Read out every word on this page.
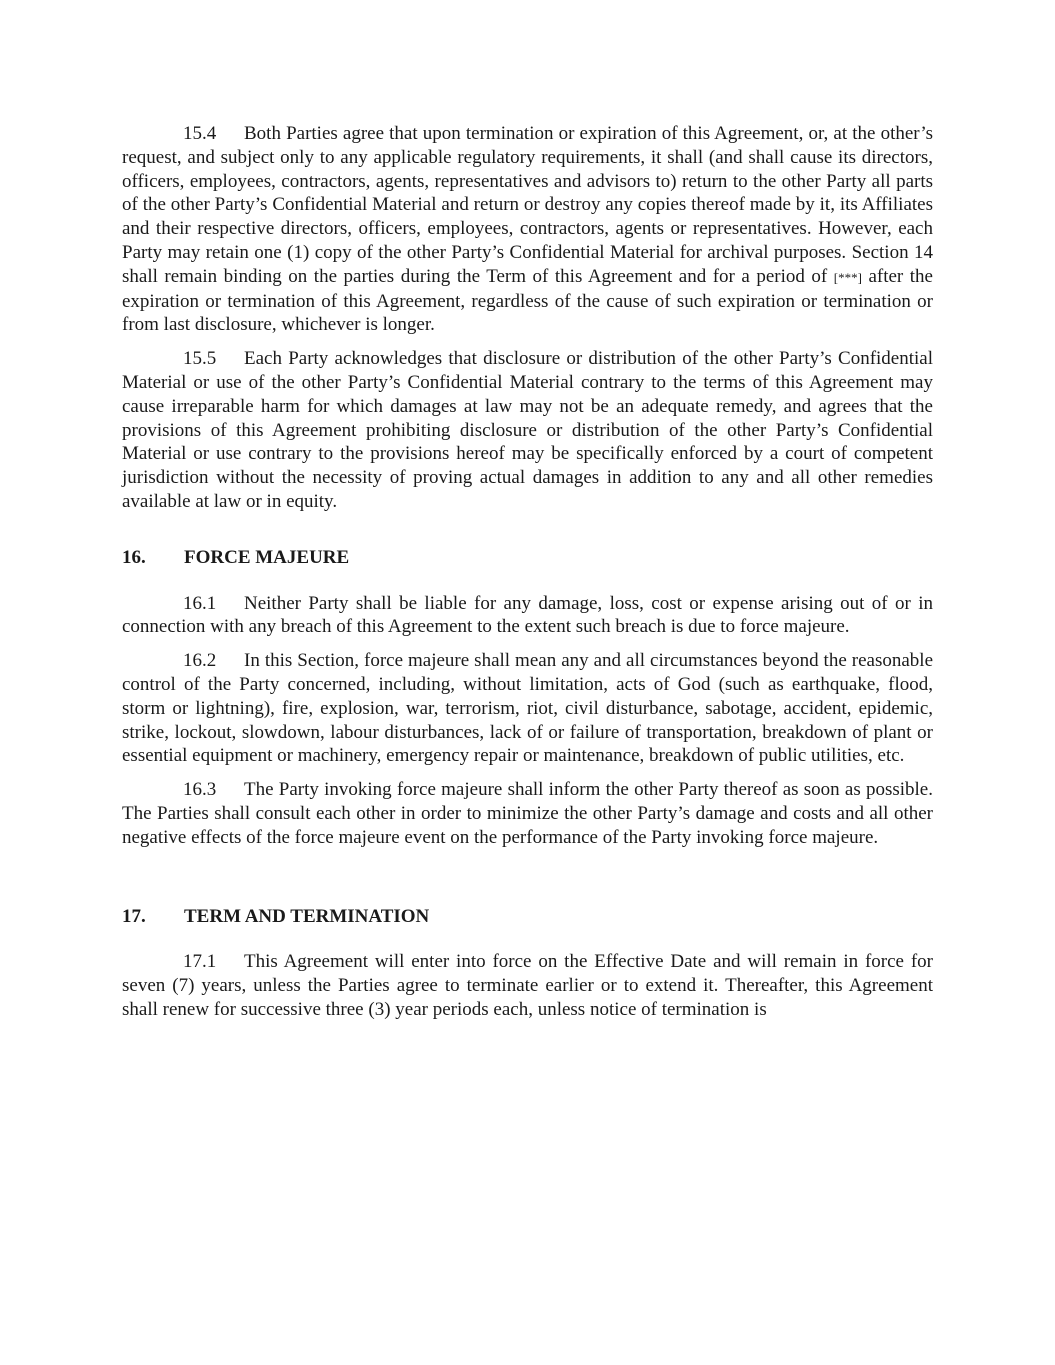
15.4 Both Parties agree that upon termination or expiration of this Agreement, or, at the other’s request, and subject only to any applicable regulatory requirements, it shall (and shall cause its directors, officers, employees, contractors, agents, representatives and advisors to) return to the other Party all parts of the other Party’s Confidential Material and return or destroy any copies thereof made by it, its Affiliates and their respective directors, officers, employees, contractors, agents or representatives. However, each Party may retain one (1) copy of the other Party’s Confidential Material for archival purposes. Section 14 shall remain binding on the parties during the Term of this Agreement and for a period of [***] after the expiration or termination of this Agreement, regardless of the cause of such expiration or termination or from last disclosure, whichever is longer.

15.5 Each Party acknowledges that disclosure or distribution of the other Party’s Confidential Material or use of the other Party’s Confidential Material contrary to the terms of this Agreement may cause irreparable harm for which damages at law may not be an adequate remedy, and agrees that the provisions of this Agreement prohibiting disclosure or distribution of the other Party’s Confidential Material or use contrary to the provisions hereof may be specifically enforced by a court of competent jurisdiction without the necessity of proving actual damages in addition to any and all other remedies available at law or in equity.

16. FORCE MAJEURE

16.1 Neither Party shall be liable for any damage, loss, cost or expense arising out of or in connection with any breach of this Agreement to the extent such breach is due to force majeure.

16.2 In this Section, force majeure shall mean any and all circumstances beyond the reasonable control of the Party concerned, including, without limitation, acts of God (such as earthquake, flood, storm or lightning), fire, explosion, war, terrorism, riot, civil disturbance, sabotage, accident, epidemic, strike, lockout, slowdown, labour disturbances, lack of or failure of transportation, breakdown of plant or essential equipment or machinery, emergency repair or maintenance, breakdown of public utilities, etc.

16.3 The Party invoking force majeure shall inform the other Party thereof as soon as possible. The Parties shall consult each other in order to minimize the other Party’s damage and costs and all other negative effects of the force majeure event on the performance of the Party invoking force majeure.

17. TERM AND TERMINATION

17.1 This Agreement will enter into force on the Effective Date and will remain in force for seven (7) years, unless the Parties agree to terminate earlier or to extend it. Thereafter, this Agreement shall renew for successive three (3) year periods each, unless notice of termination is
